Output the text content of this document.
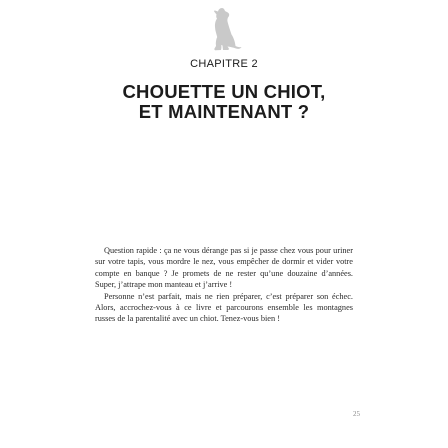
CHAPITRE 2
CHOUETTE UN CHIOT,
ET MAINTENANT ?

Question rapide : ça ne vous dérange pas si je passe chez vous pour uriner sur votre tapis, vous mordre le nez, vous empêcher de dormir et vider votre compte en banque ? Je promets de ne rester qu’une douzaine d’années. Super, j’attrape mon manteau et j’arrive !

Personne n’est parfait, mais ne rien préparer, c’est préparer son échec. Alors, accrochez-vous à ce livre et parcourons ensemble les montagnes russes de la parentalité avec un chiot. Tenez-vous bien !

25
